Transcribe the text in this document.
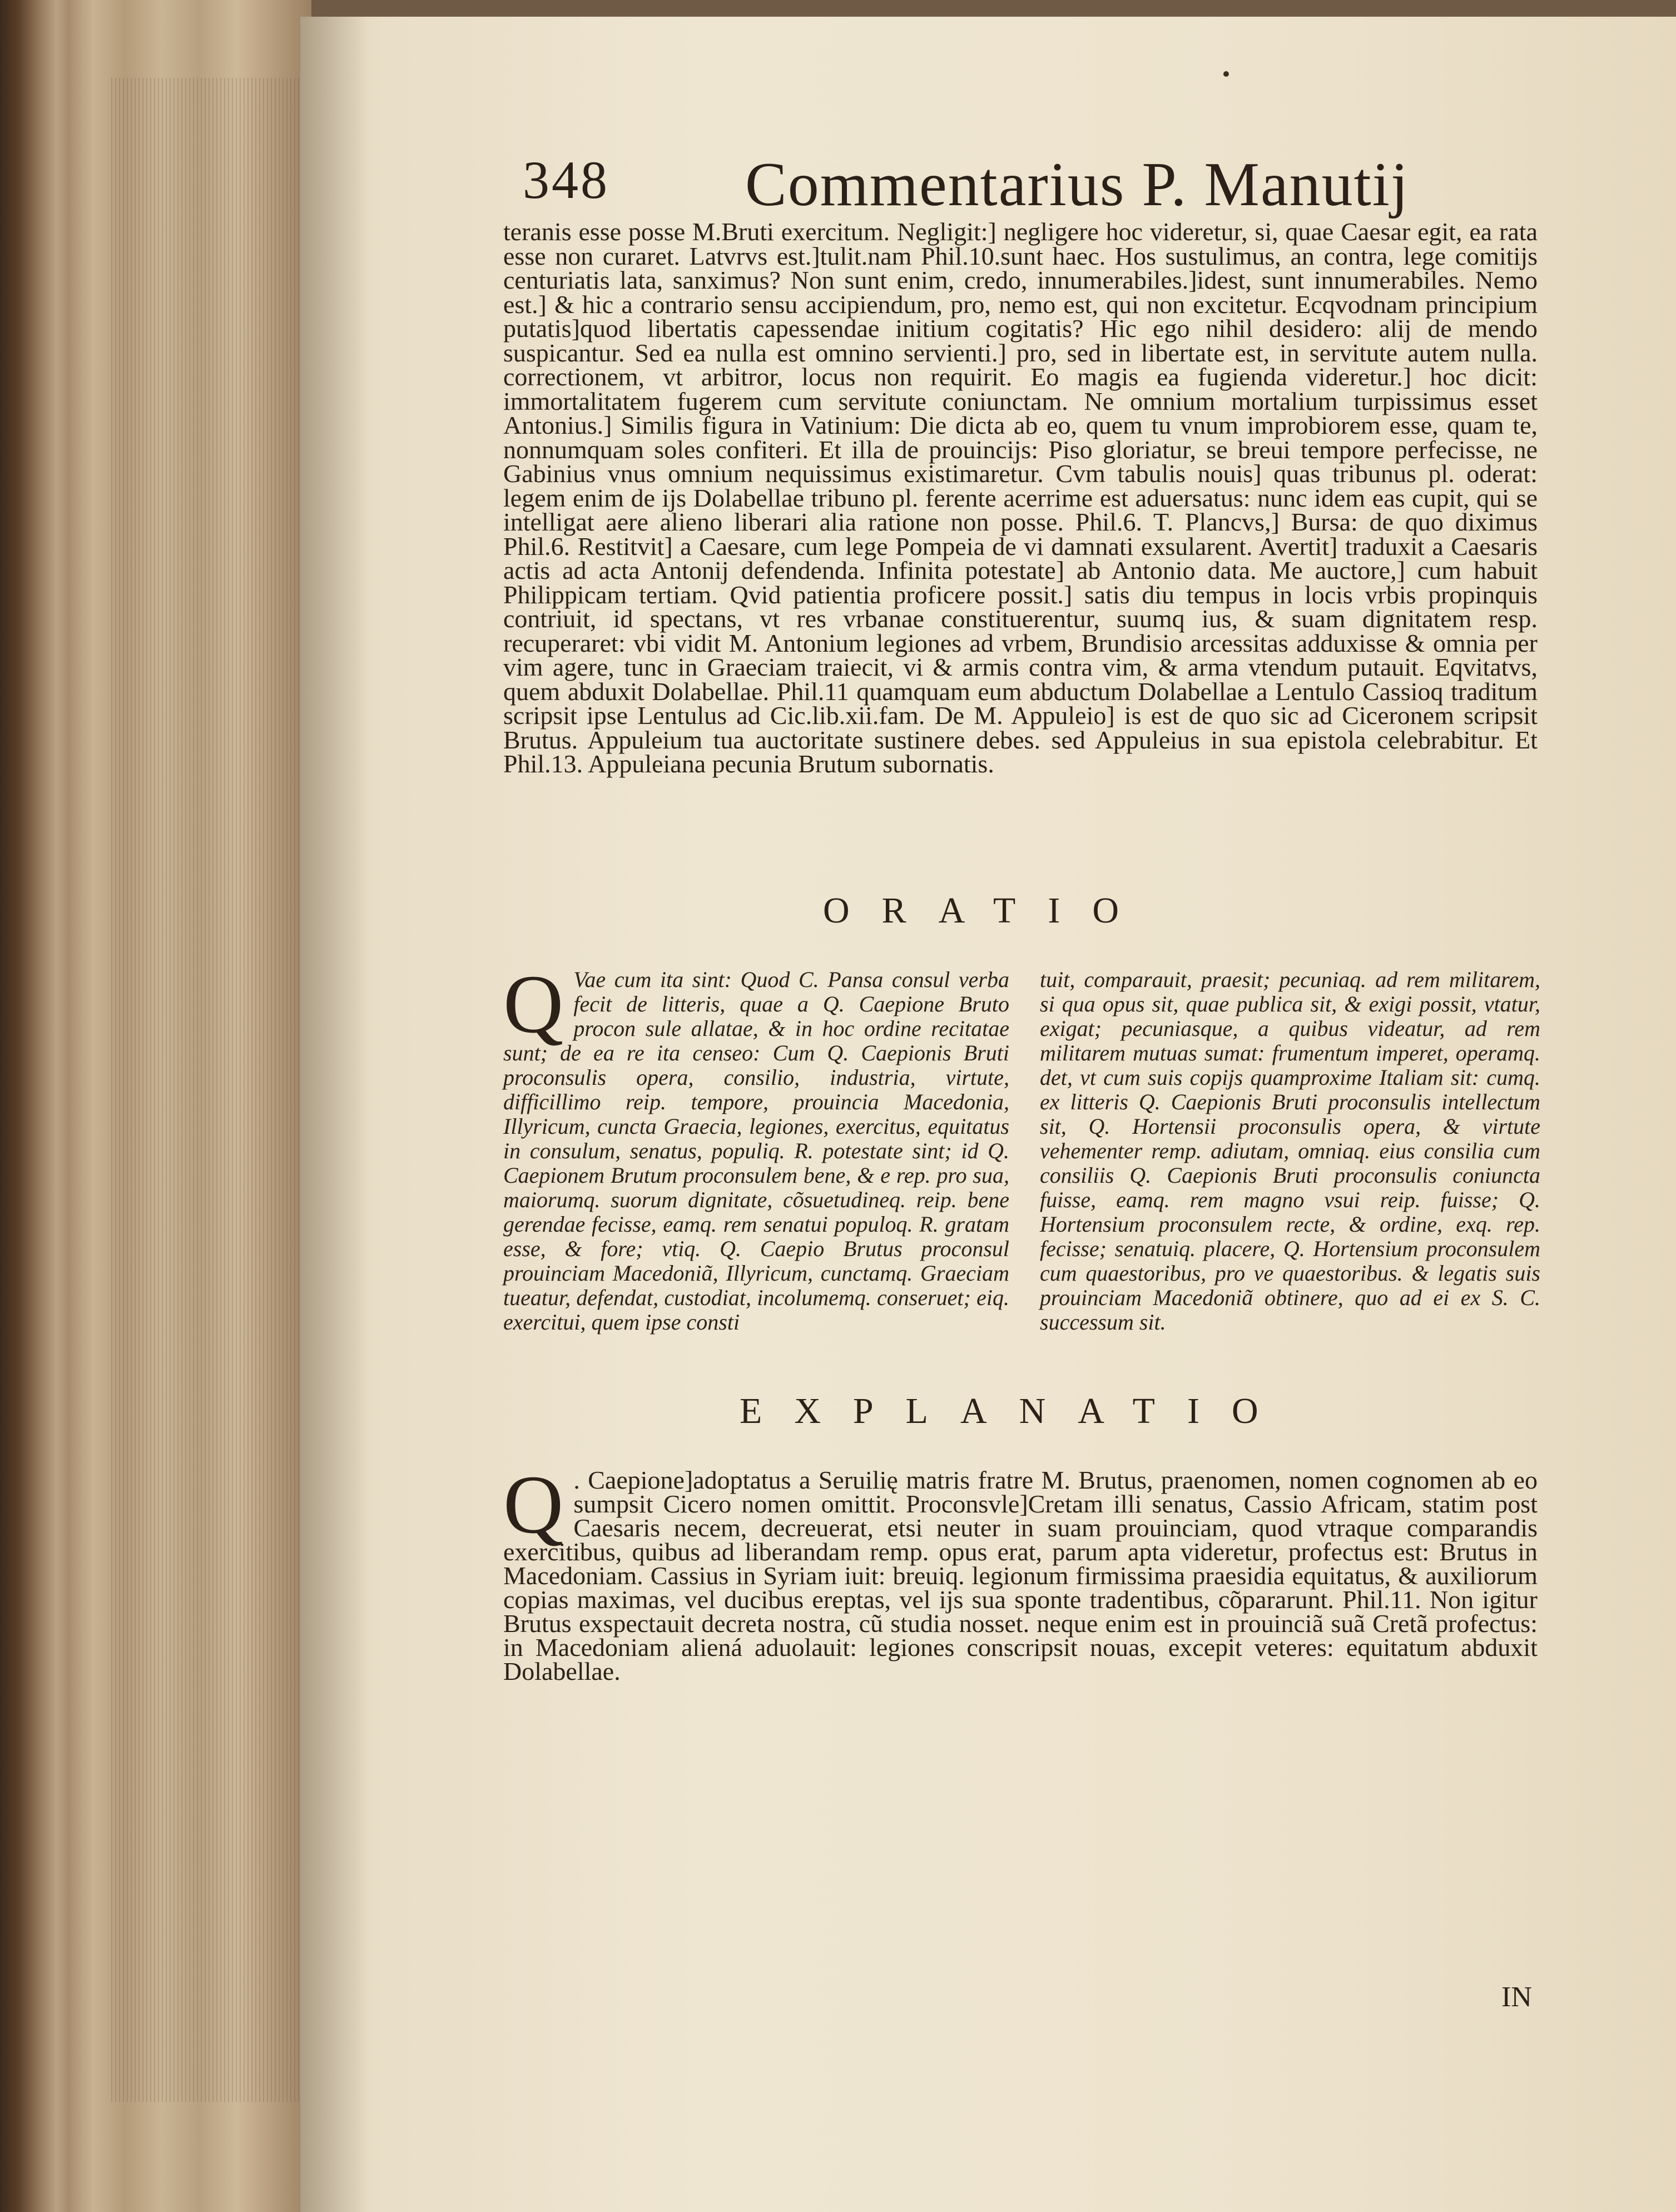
348 Commentarius P. Manutij

teranis esse posse M.Bruti exercitum. Negligit:] negligere hoc videretur, si, quae Caesar egit, ea rata esse non curaret. Latvrvs est.]tulit.nam Phil.10.sunt haec. Hos sustulimus, an contra, lege comitijs centuriatis lata, sanximus? Non sunt enim, credo, innumerabiles.]idest, sunt innumerabiles. Nemo est.] & hic a contrario sensu accipiendum, pro, nemo est, qui non excitetur. Ecqvodnam principium putatis]quod libertatis capessendae initium cogitatis? Hic ego nihil desidero: alij de mendo suspicantur. Sed ea nulla est omnino servienti.] pro, sed in libertate est, in servitute autem nulla. correctionem, vt arbitror, locus non requirit. Eo magis ea fugienda videretur.] hoc dicit: immortalitatem fugerem cum servitute coniunctam. Ne omnium mortalium turpissimus esset Antonius.] Similis figura in Vatinium: Die dicta ab eo, quem tu vnum improbiorem esse, quam te, nonnumquam soles confiteri. Et illa de prouincijs: Piso gloriatur, se breui tempore perfecisse, ne Gabinius vnus omnium nequissimus existimaretur. Cvm tabulis nouis] quas tribunus pl. oderat: legem enim de ijs Dolabellae tribuno pl. ferente acerrime est aduersatus: nunc idem eas cupit, qui se intelligat aere alieno liberari alia ratione non posse. Phil.6. T. Plancvs,] Bursa: de quo diximus Phil.6. Restitvit] a Caesare, cum lege Pompeia de vi damnati exsularent. Avertit] traduxit a Caesaris actis ad acta Antonij defendenda. Infinita potestate] ab Antonio data. Me auctore,] cum habuit Philippicam tertiam. Qvid patientia proficere possit.] satis diu tempus in locis vrbis propinquis contriuit, id spectans, vt res vrbanae constituerentur, suumq ius, & suam dignitatem resp. recuperaret: vbi vidit M. Antonium legiones ad vrbem, Brundisio arcessitas adduxisse & omnia per vim agere, tunc in Graeciam traiecit, vi & armis contra vim, & arma vtendum putauit. Eqvitatvs, quem abduxit Dolabellae. Phil.11 quamquam eum abductum Dolabellae a Lentulo Cassioq traditum scripsit ipse Lentulus ad Cic.lib.xii.fam. De M. Appuleio] is est de quo sic ad Ciceronem scripsit Brutus. Appuleium tua auctoritate sustinere debes. sed Appuleius in sua epistola celebrabitur. Et Phil.13. Appuleiana pecunia Brutum subornatis.

ORATIO
Q Vae cum ita sint: Quod C. Pansa consul verba fecit de litteris, quae a Q. Caepione Bruto procon sule allatae, & in hoc ordine recitatae sunt; de ea re ita censeo: Cum Q. Caepionis Bruti proconsulis opera, consilio, industria, virtute, difficillimo reip. tempore, prouincia Macedonia, Illyricum, cuncta Graecia, legiones, exercitus, equitatus in consulum, senatus, populiq. R. potestate sint; id Q. Caepionem Brutum proconsulem bene, & e rep. pro sua, maiorumq. suorum dignitate, cõsuetudineq. reip. bene gerendae fecisse, eamq. rem senatui populoq. R. gratam esse, & fore; vtiq. Q. Caepio Brutus proconsul prouinciam Macedoniã, Illyricum, cunctamq. Graeciam tueatur, defendat, custodiat, incolumemq. conseruet; eiq. exercitui, quem ipse consti

tuit, comparauit, praesit; pecuniaq. ad rem militarem, si qua opus sit, quae publica sit, & exigi possit, vtatur, exigat; pecuniasque, a quibus videatur, ad rem militarem mutuas sumat: frumentum imperet, operamq. det, vt cum suis copijs quamproxime Italiam sit: cumq. ex litteris Q. Caepionis Bruti proconsulis intellectum sit, Q. Hortensii proconsulis opera, & virtute vehementer remp. adiutam, omniaq. eius consilia cum consiliis Q. Caepionis Bruti proconsulis coniuncta fuisse, eamq. rem magno vsui reip. fuisse; Q. Hortensium proconsulem recte, & ordine, exq. rep. fecisse; senatuiq. placere, Q. Hortensium proconsulem cum quaestoribus, pro ve quaestoribus. & legatis suis prouinciam Macedoniã obtinere, quo ad ei ex S. C. successum sit.

EXPLANATIO
Q . Caepione]adoptatus a Seruilię matris fratre M. Brutus, praenomen, nomen cognomen ab eo sumpsit Cicero nomen omittit. Proconsvle]Cretam illi senatus, Cassio Africam, statim post Caesaris necem, decreuerat, etsi neuter in suam prouinciam, quod vtraque comparandis exercitibus, quibus ad liberandam remp. opus erat, parum apta videretur, profectus est: Brutus in Macedoniam. Cassius in Syriam iuit: breuiq. legionum firmissima praesidia equitatus, & auxiliorum copias maximas, vel ducibus ereptas, vel ijs sua sponte tradentibus, cõpararunt. Phil.11. Non igitur Brutus exspectauit decreta nostra, cũ studia nosset. neque enim est in prouinciã suã Cretã profectus: in Macedoniam aliená aduolauit: legiones conscripsit nouas, excepit veteres: equitatum abduxit Dolabellae.

IN
